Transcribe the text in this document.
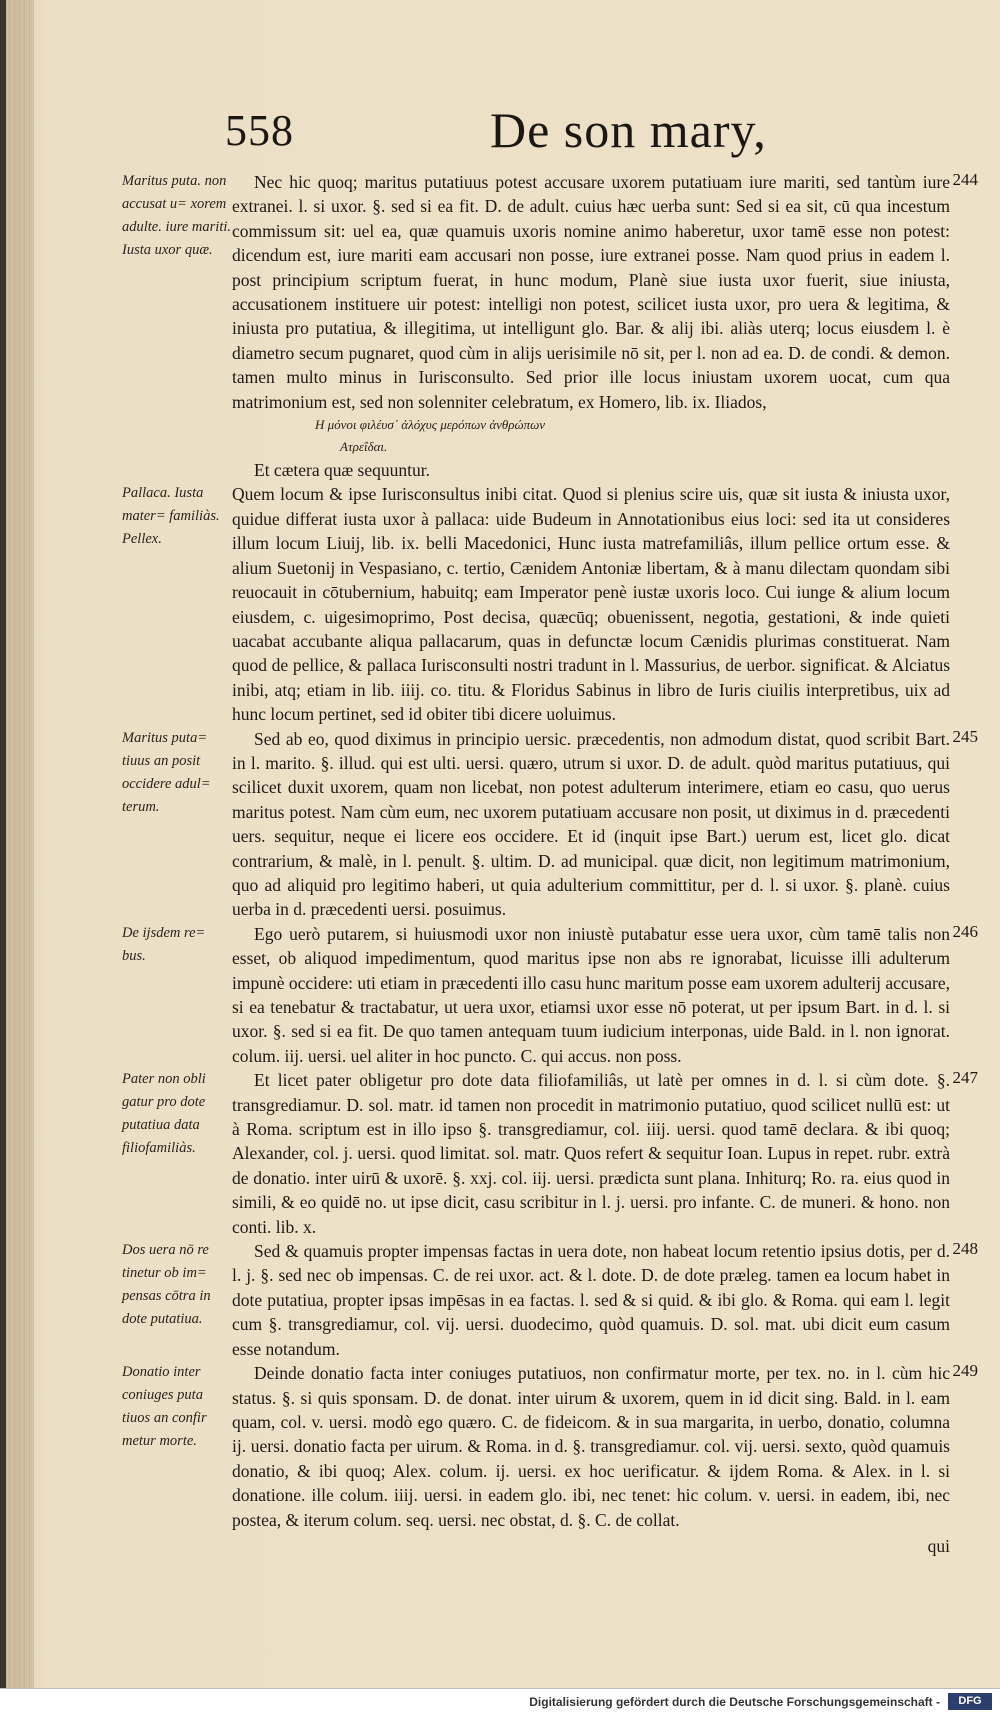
558	De son mary,
Maritus puta. non accusat u= xorem adulte. iure mariti. Iusta uxor quæ.
244
Nec hic quoq; maritus putatiuus potest accusare uxorem putatiuam iure mariti, sed tantùm iure extranei. l. si uxor. §. sed si ea fit. D. de adult. cuius hæc uerba sunt: Sed si ea sit, cū qua incestum commissum sit: uel ea, quæ quamuis uxoris nomine animo haberetur, uxor tamē esse non potest: dicendum est, iure mariti eam accusari non posse, iure extranei posse. Nam quod prius in eadem l. post principium scriptum fuerat, in hunc modum, Planè siue iusta uxor fuerit, siue iniusta, accusationem instituere uir potest: intelligi non potest, scilicet iusta uxor, pro uera & legitima, & iniusta pro putatiua, & illegitima, ut intelligunt glo. Bar. & alij ibi. aliàs uterq; locus eiusdem l. è diametro secum pugnaret, quod cùm in alijs uerisimile nō sit, per l. non ad ea. D. de condi. & demon. tamen multo minus in Iurisconsulto. Sed prior ille locus iniustam uxorem uocat, cum qua matrimonium est, sed non solenniter celebratum, ex Homero, lib. ix. Iliados,
Η μόνοι φιλέυσ᾽ ἀλόχυς μερόπων ἀνθρώπων
Ατρεΐδαι.
Et cætera quæ sequuntur.
Pallaca. Iusta mater= familiàs. Pellex.
Quem locum & ipse Iurisconsultus inibi citat. Quod si plenius scire uis, quæ sit iusta & iniusta uxor, quidue differat iusta uxor à pallaca: uide Budeum in Annotationibus eius loci: sed ita ut consideres illum locum Liuij, lib. ix. belli Macedonici, Hunc iusta matrefamiliâs, illum pellice ortum esse. & alium Suetonij in Vespasiano, c. tertio, Cænidem Antoniæ libertam, & à manu dilectam quondam sibi reuocauit in cōtubernium, habuitq; eam Imperator penè iustæ uxoris loco. Cui iunge & alium locum eiusdem, c. uigesimoprimo, Post decisa, quæcūq; obuenissent, negotia, gestationi, & inde quieti uacabat accubante aliqua pallacarum, quas in defunctæ locum Cænidis plurimas constituerat. Nam quod de pellice, & pallaca Iurisconsulti nostri tradunt in l. Massurius, de uerbor. significat. & Alciatus inibi, atq; etiam in lib. iiij. co. titu. & Floridus Sabinus in libro de Iuris ciuilis interpretibus, uix ad hunc locum pertinet, sed id obiter tibi dicere uoluimus.
Maritus puta= tiuus an posit occidere adul= terum.
245
Sed ab eo, quod diximus in principio uersic. præcedentis, non admodum distat, quod scribit Bart. in l. marito. §. illud. qui est ulti. uersi. quæro, utrum si uxor. D. de adult. quòd maritus putatiuus, qui scilicet duxit uxorem, quam non licebat, non potest adulterum interimere, etiam eo casu, quo uerus maritus potest. Nam cùm eum, nec uxorem putatiuam accusare non posit, ut diximus in d. præcedenti uers. sequitur, neque ei licere eos occidere. Et id (inquit ipse Bart.) uerum est, licet glo. dicat contrarium, & malè, in l. penult. §. ultim. D. ad municipal. quæ dicit, non legitimum matrimonium, quo ad aliquid pro legitimo haberi, ut quia adulterium committitur, per d. l. si uxor. §. planè. cuius uerba in d. præcedenti uersi. posuimus.
De ijsdem re= bus.
246
Ego uerò putarem, si huiusmodi uxor non iniustè putabatur esse uera uxor, cùm tamē talis non esset, ob aliquod impedimentum, quod maritus ipse non abs re ignorabat, licuisse illi adulterum impunè occidere: uti etiam in præcedenti illo casu hunc maritum posse eam uxorem adulterij accusare, si ea tenebatur & tractabatur, ut uera uxor, etiamsi uxor esse nō poterat, ut per ipsum Bart. in d. l. si uxor. §. sed si ea fit. De quo tamen antequam tuum iudicium interponas, uide Bald. in l. non ignorat. colum. iij. uersi. uel aliter in hoc puncto. C. qui accus. non poss.
Pater non obli gatur pro dote putatiua data filiofamiliàs.
247
Et licet pater obligetur pro dote data filiofamiliâs, ut latè per omnes in d. l. si cùm dote. §. transgrediamur. D. sol. matr. id tamen non procedit in matrimonio putatiuo, quod scilicet nullū est: ut à Roma. scriptum est in illo ipso §. transgrediamur, col. iiij. uersi. quod tamē declara. & ibi quoq; Alexander, col. j. uersi. quod limitat. sol. matr. Quos refert & sequitur Ioan. Lupus in repet. rubr. extrà de donatio. inter uirū & uxorē. §. xxj. col. iij. uersi. prædicta sunt plana. Inhiturq; Ro. ra. eius quod in simili, & eo quidē no. ut ipse dicit, casu scribitur in l. j. uersi. pro infante. C. de muneri. & hono. non conti. lib. x.
Dos uera nō re tinetur ob im= pensas cōtra in dote putatiua.
248
Sed & quamuis propter impensas factas in uera dote, non habeat locum retentio ipsius dotis, per d. l. j. §. sed nec ob impensas. C. de rei uxor. act. & l. dote. D. de dote præleg. tamen ea locum habet in dote putatiua, propter ipsas impēsas in ea factas. l. sed & si quid. & ibi glo. & Roma. qui eam l. legit cum §. transgrediamur, col. vij. uersi. duodecimo, quòd quamuis. D. sol. mat. ubi dicit eum casum esse notandum.
Donatio inter coniuges puta tiuos an confir metur morte.
249
Deinde donatio facta inter coniuges putatiuos, non confirmatur morte, per tex. no. in l. cùm hic status. §. si quis sponsam. D. de donat. inter uirum & uxorem, quem in id dicit sing. Bald. in l. eam quam, col. v. uersi. modò ego quæro. C. de fideicom. & in sua margarita, in uerbo, donatio, columna ij. uersi. donatio facta per uirum. & Roma. in d. §. transgrediamur. col. vij. uersi. sexto, quòd quamuis donatio, & ibi quoq; Alex. colum. ij. uersi. ex hoc uerificatur. & ijdem Roma. & Alex. in l. si donatione. ille colum. iiij. uersi. in eadem glo. ibi, nec tenet: hic colum. v. uersi. in eadem, ibi, nec postea, & iterum colum. seq. uersi. nec obstat, d. §. C. de collat.
qui
Digitalisierung gefördert durch die Deutsche Forschungsgemeinschaft -	DFG
